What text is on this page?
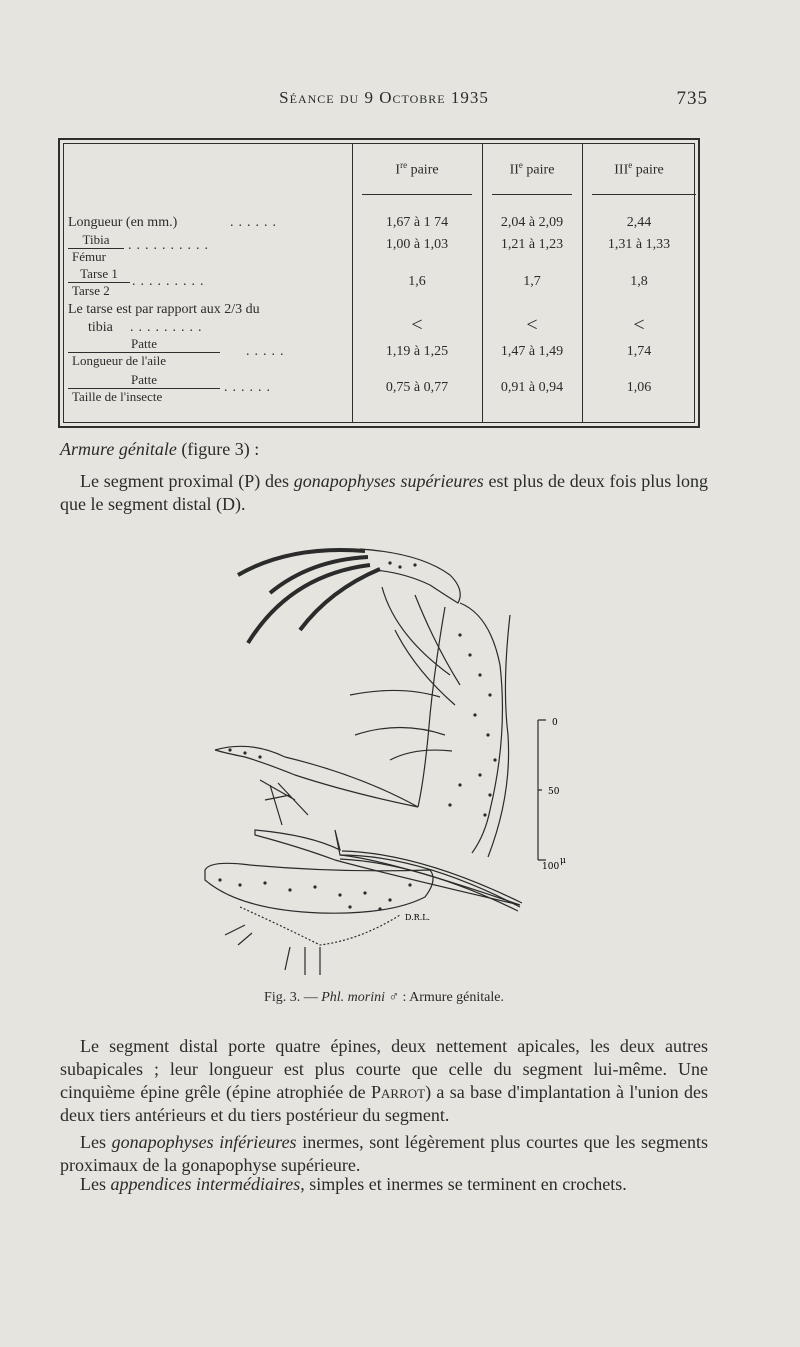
Séance du 9 Octobre 1935	735
Ire paire	IIe paire	IIIe paire
Longueur (en mm.)	......	1,67 à 1 74	2,04 à 2,09	2,44
Tibia
Fémur
..........	1,00 à 1,03	1,21 à 1,23	1,31 à 1,33
Tarse 1
Tarse 2
.........	1,6	1,7	1,8
Le tarse est par rapport aux 2/3 du
tibia .........	<	<	<
Patte
Longueur de l'aile
.....	1,19 à 1,25	1,47 à 1,49	1,74
Patte
Taille de l'insecte
......	0,75 à 0,77	0,91 à 0,94	1,06
Armure génitale (figure 3) :
Le segment proximal (P) des gonapophyses supérieures est plus de deux fois plus long que le segment distal (D).
0
50
100
μ
D.R.L.
Fig. 3. — Phl. morini ♂ : Armure génitale.
Le segment distal porte quatre épines, deux nettement apicales, les deux autres subapicales ; leur longueur est plus courte que celle du segment lui-même. Une cinquième épine grêle (épine atrophiée de Parrot) a sa base d'implantation à l'union des deux tiers antérieurs et du tiers postérieur du segment.
Les gonapophyses inférieures inermes, sont légèrement plus courtes que les segments proximaux de la gonapophyse supérieure.
Les appendices intermédiaires, simples et inermes se terminent en crochets.
